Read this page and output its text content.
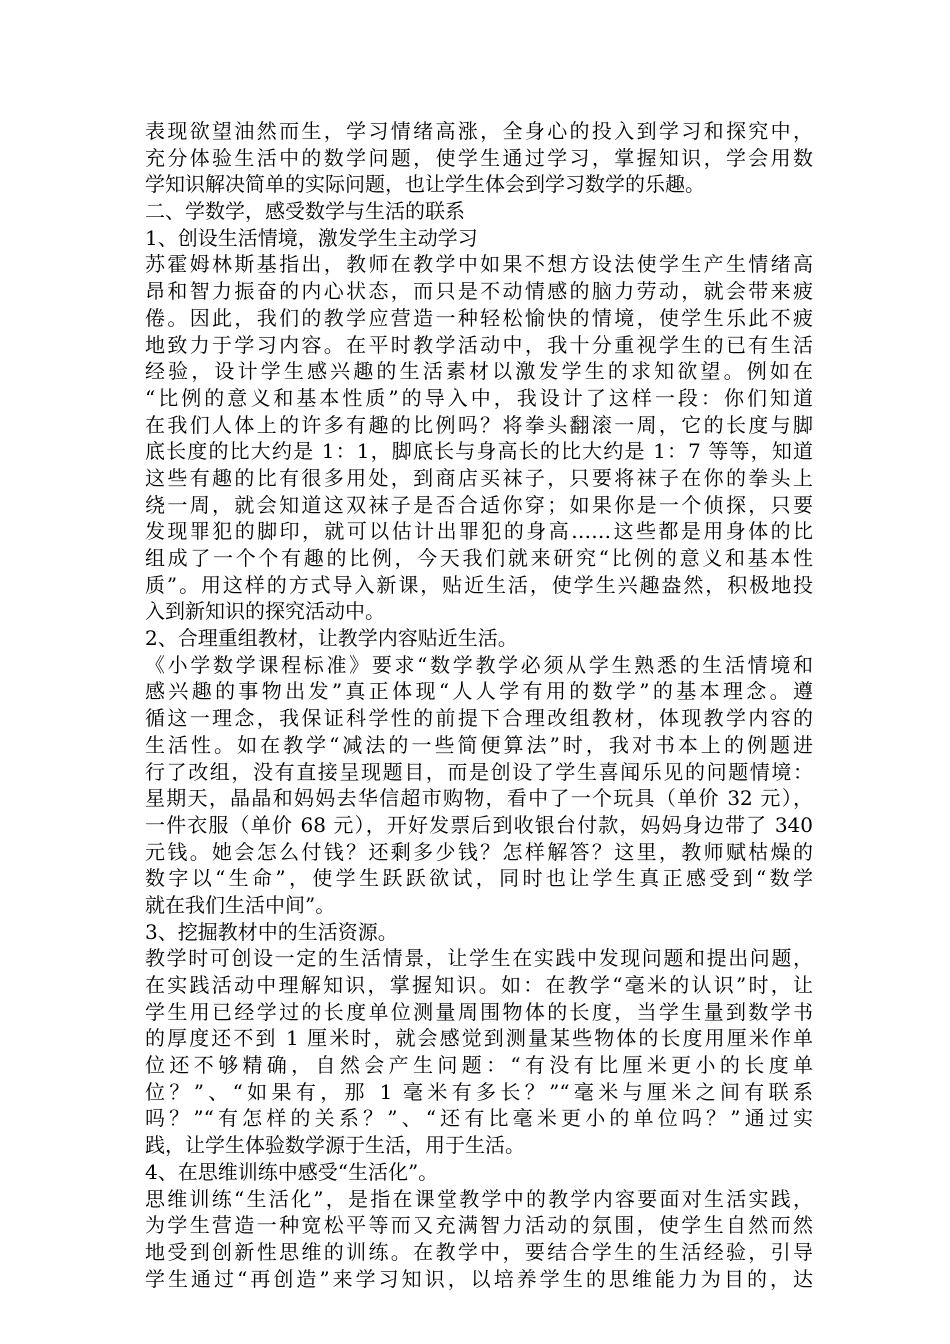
表现欲望油然而生，学习情绪高涨，全身心的投入到学习和探究中，
充分体验生活中的数学问题，使学生通过学习，掌握知识，学会用数
学知识解决简单的实际问题，也让学生体会到学习数学的乐趣。
二、学数学，感受数学与生活的联系
1、创设生活情境，激发学生主动学习
苏霍姆林斯基指出，教师在教学中如果不想方设法使学生产生情绪高
昂和智力振奋的内心状态，而只是不动情感的脑力劳动，就会带来疲
倦。因此，我们的教学应营造一种轻松愉快的情境，使学生乐此不疲
地致力于学习内容。在平时教学活动中，我十分重视学生的已有生活
经验，设计学生感兴趣的生活素材以激发学生的求知欲望。例如在
“比例的意义和基本性质”的导入中，我设计了这样一段：你们知道
在我们人体上的许多有趣的比例吗？将拳头翻滚一周，它的长度与脚
底长度的比大约是 1：1，脚底长与身高长的比大约是 1：7 等等，知道
这些有趣的比有很多用处，到商店买袜子，只要将袜子在你的拳头上
绕一周，就会知道这双袜子是否合适你穿；如果你是一个侦探，只要
发现罪犯的脚印，就可以估计出罪犯的身高……这些都是用身体的比
组成了一个个有趣的比例，今天我们就来研究“比例的意义和基本性
质”。用这样的方式导入新课，贴近生活，使学生兴趣盎然，积极地投
入到新知识的探究活动中。
2、合理重组教材，让教学内容贴近生活。
《小学数学课程标准》要求“数学教学必须从学生熟悉的生活情境和
感兴趣的事物出发”真正体现“人人学有用的数学”的基本理念。遵
循这一理念，我保证科学性的前提下合理改组教材，体现教学内容的
生活性。如在教学“减法的一些简便算法”时，我对书本上的例题进
行了改组，没有直接呈现题目，而是创设了学生喜闻乐见的问题情境：
星期天，晶晶和妈妈去华信超市购物，看中了一个玩具（单价 32 元），
一件衣服（单价 68 元），开好发票后到收银台付款，妈妈身边带了 340
元钱。她会怎么付钱？还剩多少钱？怎样解答？这里，教师赋枯燥的
数字以“生命”，使学生跃跃欲试，同时也让学生真正感受到“数学
就在我们生活中间”。
3、挖掘教材中的生活资源。
教学时可创设一定的生活情景，让学生在实践中发现问题和提出问题，
在实践活动中理解知识，掌握知识。如：在教学“毫米的认识”时，让
学生用已经学过的长度单位测量周围物体的长度，当学生量到数学书
的厚度还不到 1 厘米时，就会感觉到测量某些物体的长度用厘米作单
位还不够精确，自然会产生问题：“有没有比厘米更小的长度单
位？”、“如果有，那 1 毫米有多长？”“毫米与厘米之间有联系
吗？”“有怎样的关系？”、“还有比毫米更小的单位吗？”通过实
践，让学生体验数学源于生活，用于生活。
4、在思维训练中感受“生活化”。
思维训练“生活化”，是指在课堂教学中的教学内容要面对生活实践，
为学生营造一种宽松平等而又充满智力活动的氛围，使学生自然而然
地受到创新性思维的训练。在教学中，要结合学生的生活经验，引导
学生通过“再创造”来学习知识，以培养学生的思维能力为目的，达
